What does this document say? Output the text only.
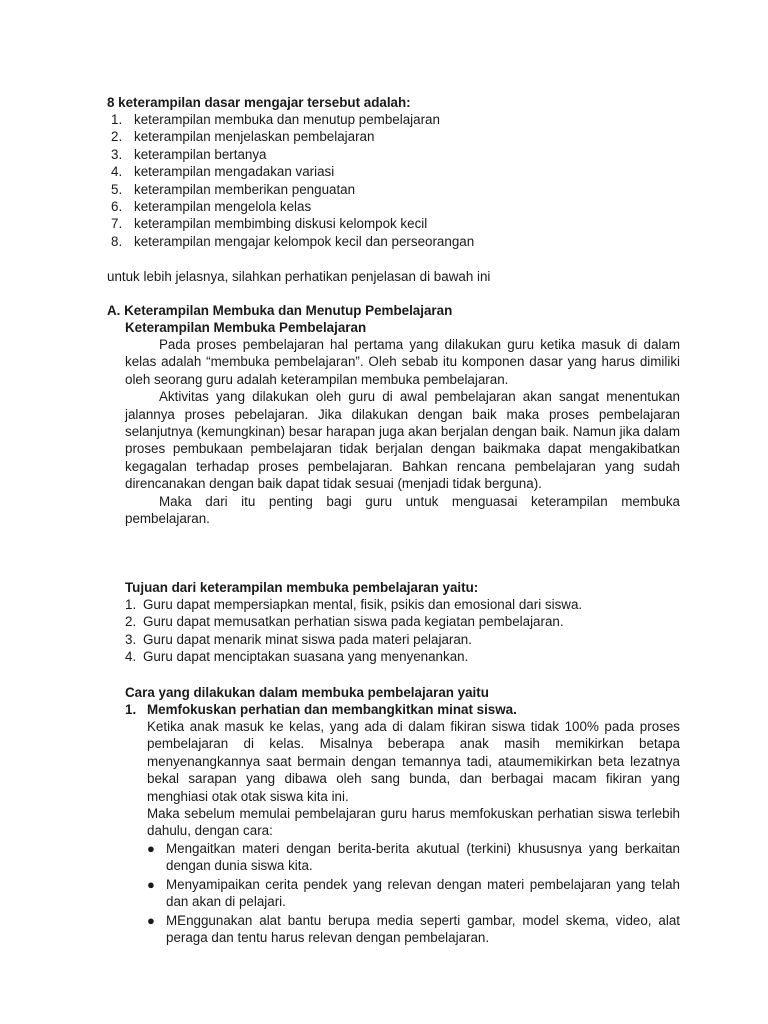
8 keterampilan dasar mengajar tersebut adalah:
1. keterampilan membuka dan menutup pembelajaran
2. keterampilan menjelaskan pembelajaran
3. keterampilan bertanya
4. keterampilan mengadakan variasi
5. keterampilan memberikan penguatan
6. keterampilan mengelola kelas
7. keterampilan membimbing diskusi kelompok kecil
8. keterampilan mengajar kelompok kecil dan perseorangan
untuk lebih jelasnya, silahkan perhatikan penjelasan di bawah ini
A. Keterampilan Membuka dan Menutup Pembelajaran
Keterampilan Membuka Pembelajaran
Pada proses pembelajaran hal pertama yang dilakukan guru ketika masuk di dalam kelas adalah “membuka pembelajaran”. Oleh sebab itu komponen dasar yang harus dimiliki oleh seorang guru adalah keterampilan membuka pembelajaran.
Aktivitas yang dilakukan oleh guru di awal pembelajaran akan sangat menentukan jalannya proses pebelajaran. Jika dilakukan dengan baik maka proses pembelajaran selanjutnya (kemungkinan) besar harapan juga akan berjalan dengan baik. Namun jika dalam proses pembukaan pembelajaran tidak berjalan dengan baikmaka dapat mengakibatkan kegagalan terhadap proses pembelajaran. Bahkan rencana pembelajaran yang sudah direncanakan dengan baik dapat tidak sesuai (menjadi tidak berguna).
Maka dari itu penting bagi guru untuk menguasai keterampilan membuka pembelajaran.
Tujuan dari keterampilan membuka pembelajaran yaitu:
1. Guru dapat mempersiapkan mental, fisik, psikis dan emosional dari siswa.
2. Guru dapat memusatkan perhatian siswa pada kegiatan pembelajaran.
3. Guru dapat menarik minat siswa pada materi pelajaran.
4. Guru dapat menciptakan suasana yang menyenankan.
Cara yang dilakukan dalam membuka pembelajaran yaitu
1. Memfokuskan perhatian dan membangkitkan minat siswa.
Ketika anak masuk ke kelas, yang ada di dalam fikiran siswa tidak 100% pada proses pembelajaran di kelas. Misalnya beberapa anak masih memikirkan betapa menyenangkannya saat bermain dengan temannya tadi, ataumemikirkan beta lezatnya bekal sarapan yang dibawa oleh sang bunda, dan berbagai macam fikiran yang menghiasi otak otak siswa kita ini.
Maka sebelum memulai pembelajaran guru harus memfokuskan perhatian siswa terlebih dahulu, dengan cara:
● Mengaitkan materi dengan berita-berita akutual (terkini) khususnya yang berkaitan dengan dunia siswa kita.
● Menyamipaikan cerita pendek yang relevan dengan materi pembelajaran yang telah dan akan di pelajari.
● MEnggunakan alat bantu berupa media seperti gambar, model skema, video, alat peraga dan tentu harus relevan dengan pembelajaran.
